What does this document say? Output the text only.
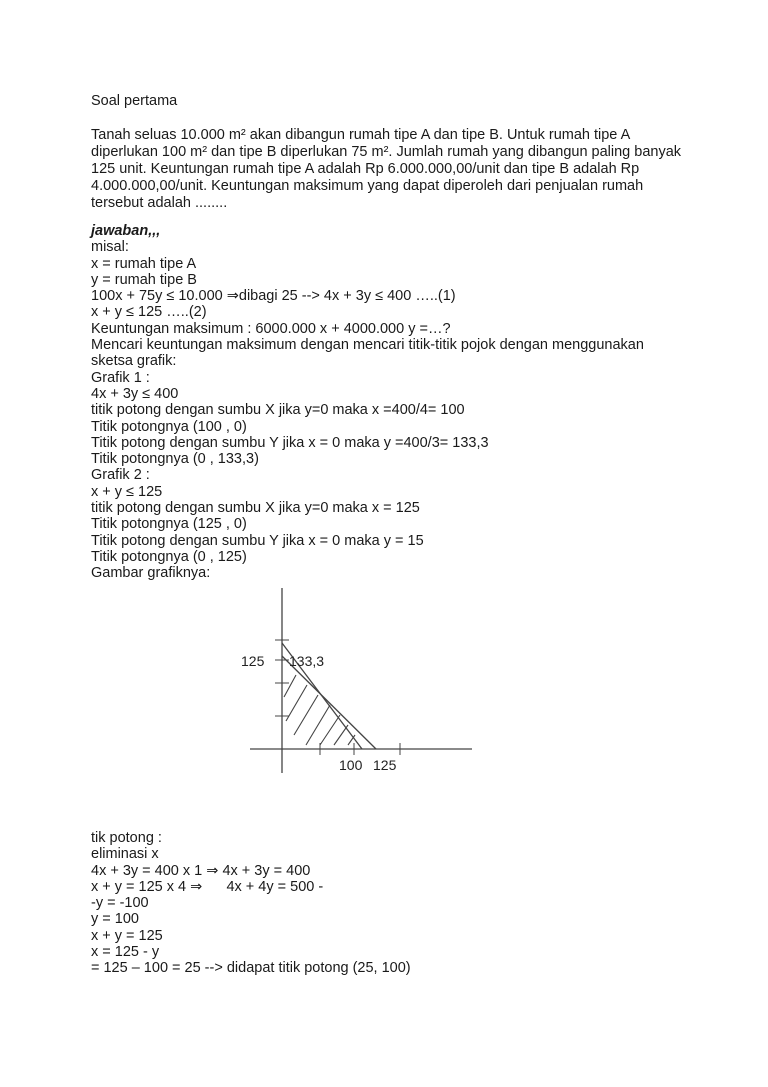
Soal pertama

Tanah seluas 10.000 m² akan dibangun rumah tipe A dan tipe B. Untuk rumah tipe A
diperlukan 100 m² dan tipe B diperlukan 75 m². Jumlah rumah yang dibangun paling banyak
125 unit. Keuntungan rumah tipe A adalah Rp 6.000.000,00/unit dan tipe B adalah Rp
4.000.000,00/unit. Keuntungan maksimum yang dapat diperoleh dari penjualan rumah
tersebut adalah ........

jawaban,,,
misal:
x = rumah tipe A
y = rumah tipe B
100x + 75y ≤ 10.000 ⇒dibagi 25 --> 4x + 3y ≤ 400 …..(1)
x + y ≤ 125 …..(2)
Keuntungan maksimum : 6000.000 x + 4000.000 y =…?
Mencari keuntungan maksimum dengan mencari titik-titik pojok dengan menggunakan
sketsa grafik:
Grafik 1 :
4x + 3y ≤ 400
titik potong dengan sumbu X jika y=0 maka x =400/4= 100
Titik potongnya (100 , 0)
Titik potong dengan sumbu Y jika x = 0 maka y =400/3= 133,3
Titik potongnya (0 , 133,3)
Grafik 2 :
x + y ≤ 125
titik potong dengan sumbu X jika y=0 maka x = 125
Titik potongnya (125 , 0)
Titik potong dengan sumbu Y jika x = 0 maka y = 15
Titik potongnya (0 , 125)
Gambar grafiknya:
125 133,3
100 125
tik potong :
eliminasi x
4x + 3y = 400 x 1 ⇒ 4x + 3y = 400
x + y = 125 x 4 ⇒      4x + 4y = 500 -
-y = -100
y = 100
x + y = 125
x = 125 - y
= 125 – 100 = 25 --> didapat titik potong (25, 100)
